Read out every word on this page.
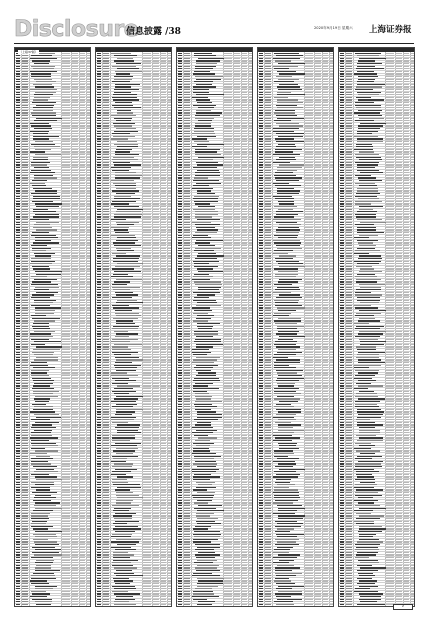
Disclosure
信息披露 /38	2020年9月19日 星期六 上海证券报
（上接37版）
Z
